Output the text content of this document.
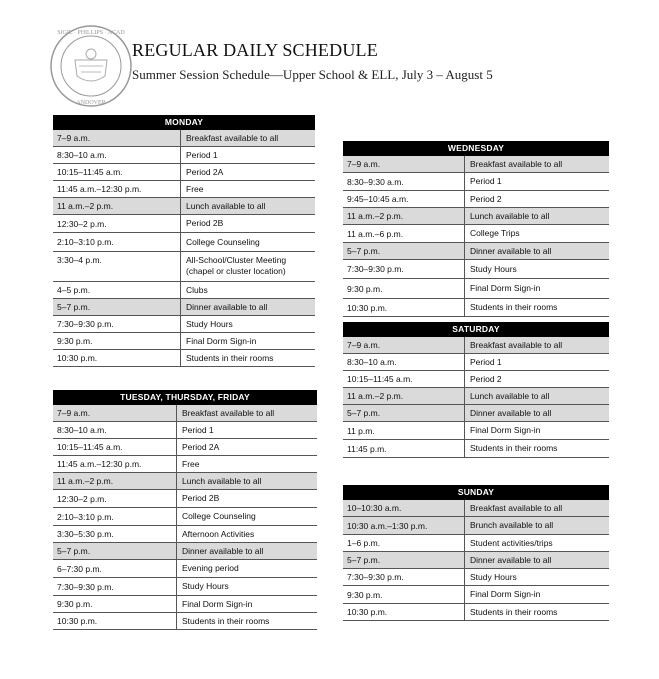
SIGIL · PHILLIPS · ACAD
ANDOVER
REGULAR DAILY SCHEDULE
Summer Session Schedule—Upper School & ELL, July 3 – August 5
MONDAY
7–9 a.m.	Breakfast available to all
8:30–10 a.m.	Period 1
10:15–11:45 a.m.	Period 2A
11:45 a.m.–12:30 p.m.	Free
11 a.m.–2 p.m.	Lunch available to all
12:30–2 p.m.	Period 2B
2:10–3:10 p.m.	College Counseling
3:30–4 p.m.	All-School/Cluster Meeting
(chapel or cluster location)
4–5 p.m.	Clubs
5–7 p.m.	Dinner available to all
7:30–9:30 p.m.	Study Hours
9:30 p.m.	Final Dorm Sign-in
10:30 p.m.	Students in their rooms
TUESDAY, THURSDAY, FRIDAY
7–9 a.m.	Breakfast available to all
8:30–10 a.m.	Period 1
10:15–11:45 a.m.	Period 2A
11:45 a.m.–12:30 p.m.	Free
11 a.m.–2 p.m.	Lunch available to all
12:30–2 p.m.	Period 2B
2:10–3:10 p.m.	College Counseling
3:30–5:30 p.m.	Afternoon Activities
5–7 p.m.	Dinner available to all
6–7:30 p.m.	Evening period
7:30–9:30 p.m.	Study Hours
9:30 p.m.	Final Dorm Sign-in
10:30 p.m.	Students in their rooms
WEDNESDAY
7–9 a.m.	Breakfast available to all
8:30–9:30 a.m.	Period 1
9:45–10:45 a.m.	Period 2
11 a.m.–2 p.m.	Lunch available to all
11 a.m.–6 p.m.	College Trips
5–7 p.m.	Dinner available to all
7:30–9:30 p.m.	Study Hours
9:30 p.m.	Final Dorm Sign-in
10:30 p.m.	Students in their rooms
SATURDAY
7–9 a.m.	Breakfast available to all
8:30–10 a.m.	Period 1
10:15–11:45 a.m.	Period 2
11 a.m.–2 p.m.	Lunch available to all
5–7 p.m.	Dinner available to all
11 p.m.	Final Dorm Sign-in
11:45 p.m.	Students in their rooms
SUNDAY
10–10:30 a.m.	Breakfast available to all
10:30 a.m.–1:30 p.m.	Brunch available to all
1–6 p.m.	Student activities/trips
5–7 p.m.	Dinner available to all
7:30–9:30 p.m.	Study Hours
9:30 p.m.	Final Dorm Sign-in
10:30 p.m.	Students in their rooms
